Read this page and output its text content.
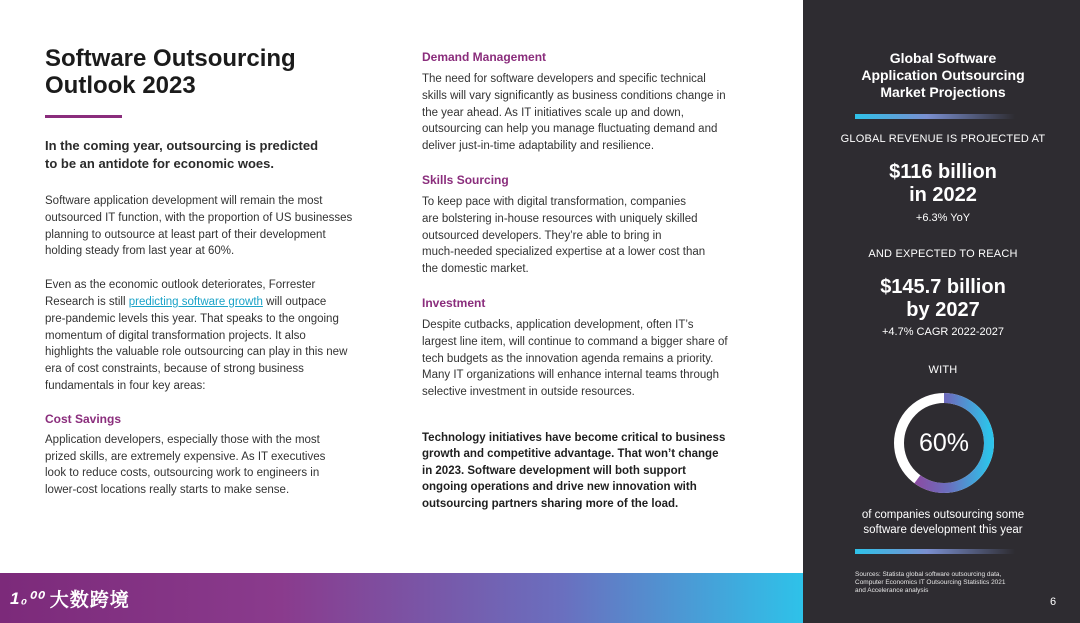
Software Outsourcing
Outlook 2023
In the coming year, outsourcing is predicted
to be an antidote for economic woes.
Software application development will remain the most
outsourced IT function, with the proportion of US businesses
planning to outsource at least part of their development
holding steady from last year at 60%.
Even as the economic outlook deteriorates, Forrester
Research is still predicting software growth will outpace
pre-pandemic levels this year. That speaks to the ongoing
momentum of digital transformation projects. It also
highlights the valuable role outsourcing can play in this new
era of cost constraints, because of strong business
fundamentals in four key areas:
Cost Savings
Application developers, especially those with the most
prized skills, are extremely expensive. As IT executives
look to reduce costs, outsourcing work to engineers in
lower-cost locations really starts to make sense.
Demand Management
The need for software developers and specific technical
skills will vary significantly as business conditions change in
the year ahead. As IT initiatives scale up and down,
outsourcing can help you manage fluctuating demand and
deliver just-in-time adaptability and resilience.
Skills Sourcing
To keep pace with digital transformation, companies
are bolstering in-house resources with uniquely skilled
outsourced developers. They’re able to bring in
much-needed specialized expertise at a lower cost than
the domestic market.
Investment
Despite cutbacks, application development, often IT’s
largest line item, will continue to command a bigger share of
tech budgets as the innovation agenda remains a priority.
Many IT organizations will enhance internal teams through
selective investment in outside resources.
Technology initiatives have become critical to business
growth and competitive advantage. That won’t change
in 2023. Software development will both support
ongoing operations and drive new innovation with
outsourcing partners sharing more of the load.
1₀⁰⁰ 大数跨境
Global Software
Application Outsourcing
Market Projections
GLOBAL REVENUE IS PROJECTED AT
$116 billion
in 2022
+6.3% YoY
AND EXPECTED TO REACH
$145.7 billion
by 2027
+4.7% CAGR 2022-2027
WITH
of companies outsourcing some
software development this year
Sources: Statista global software outsourcing data,
Computer Economics IT Outsourcing Statistics 2021
and Accelerance analysis
6
60%
